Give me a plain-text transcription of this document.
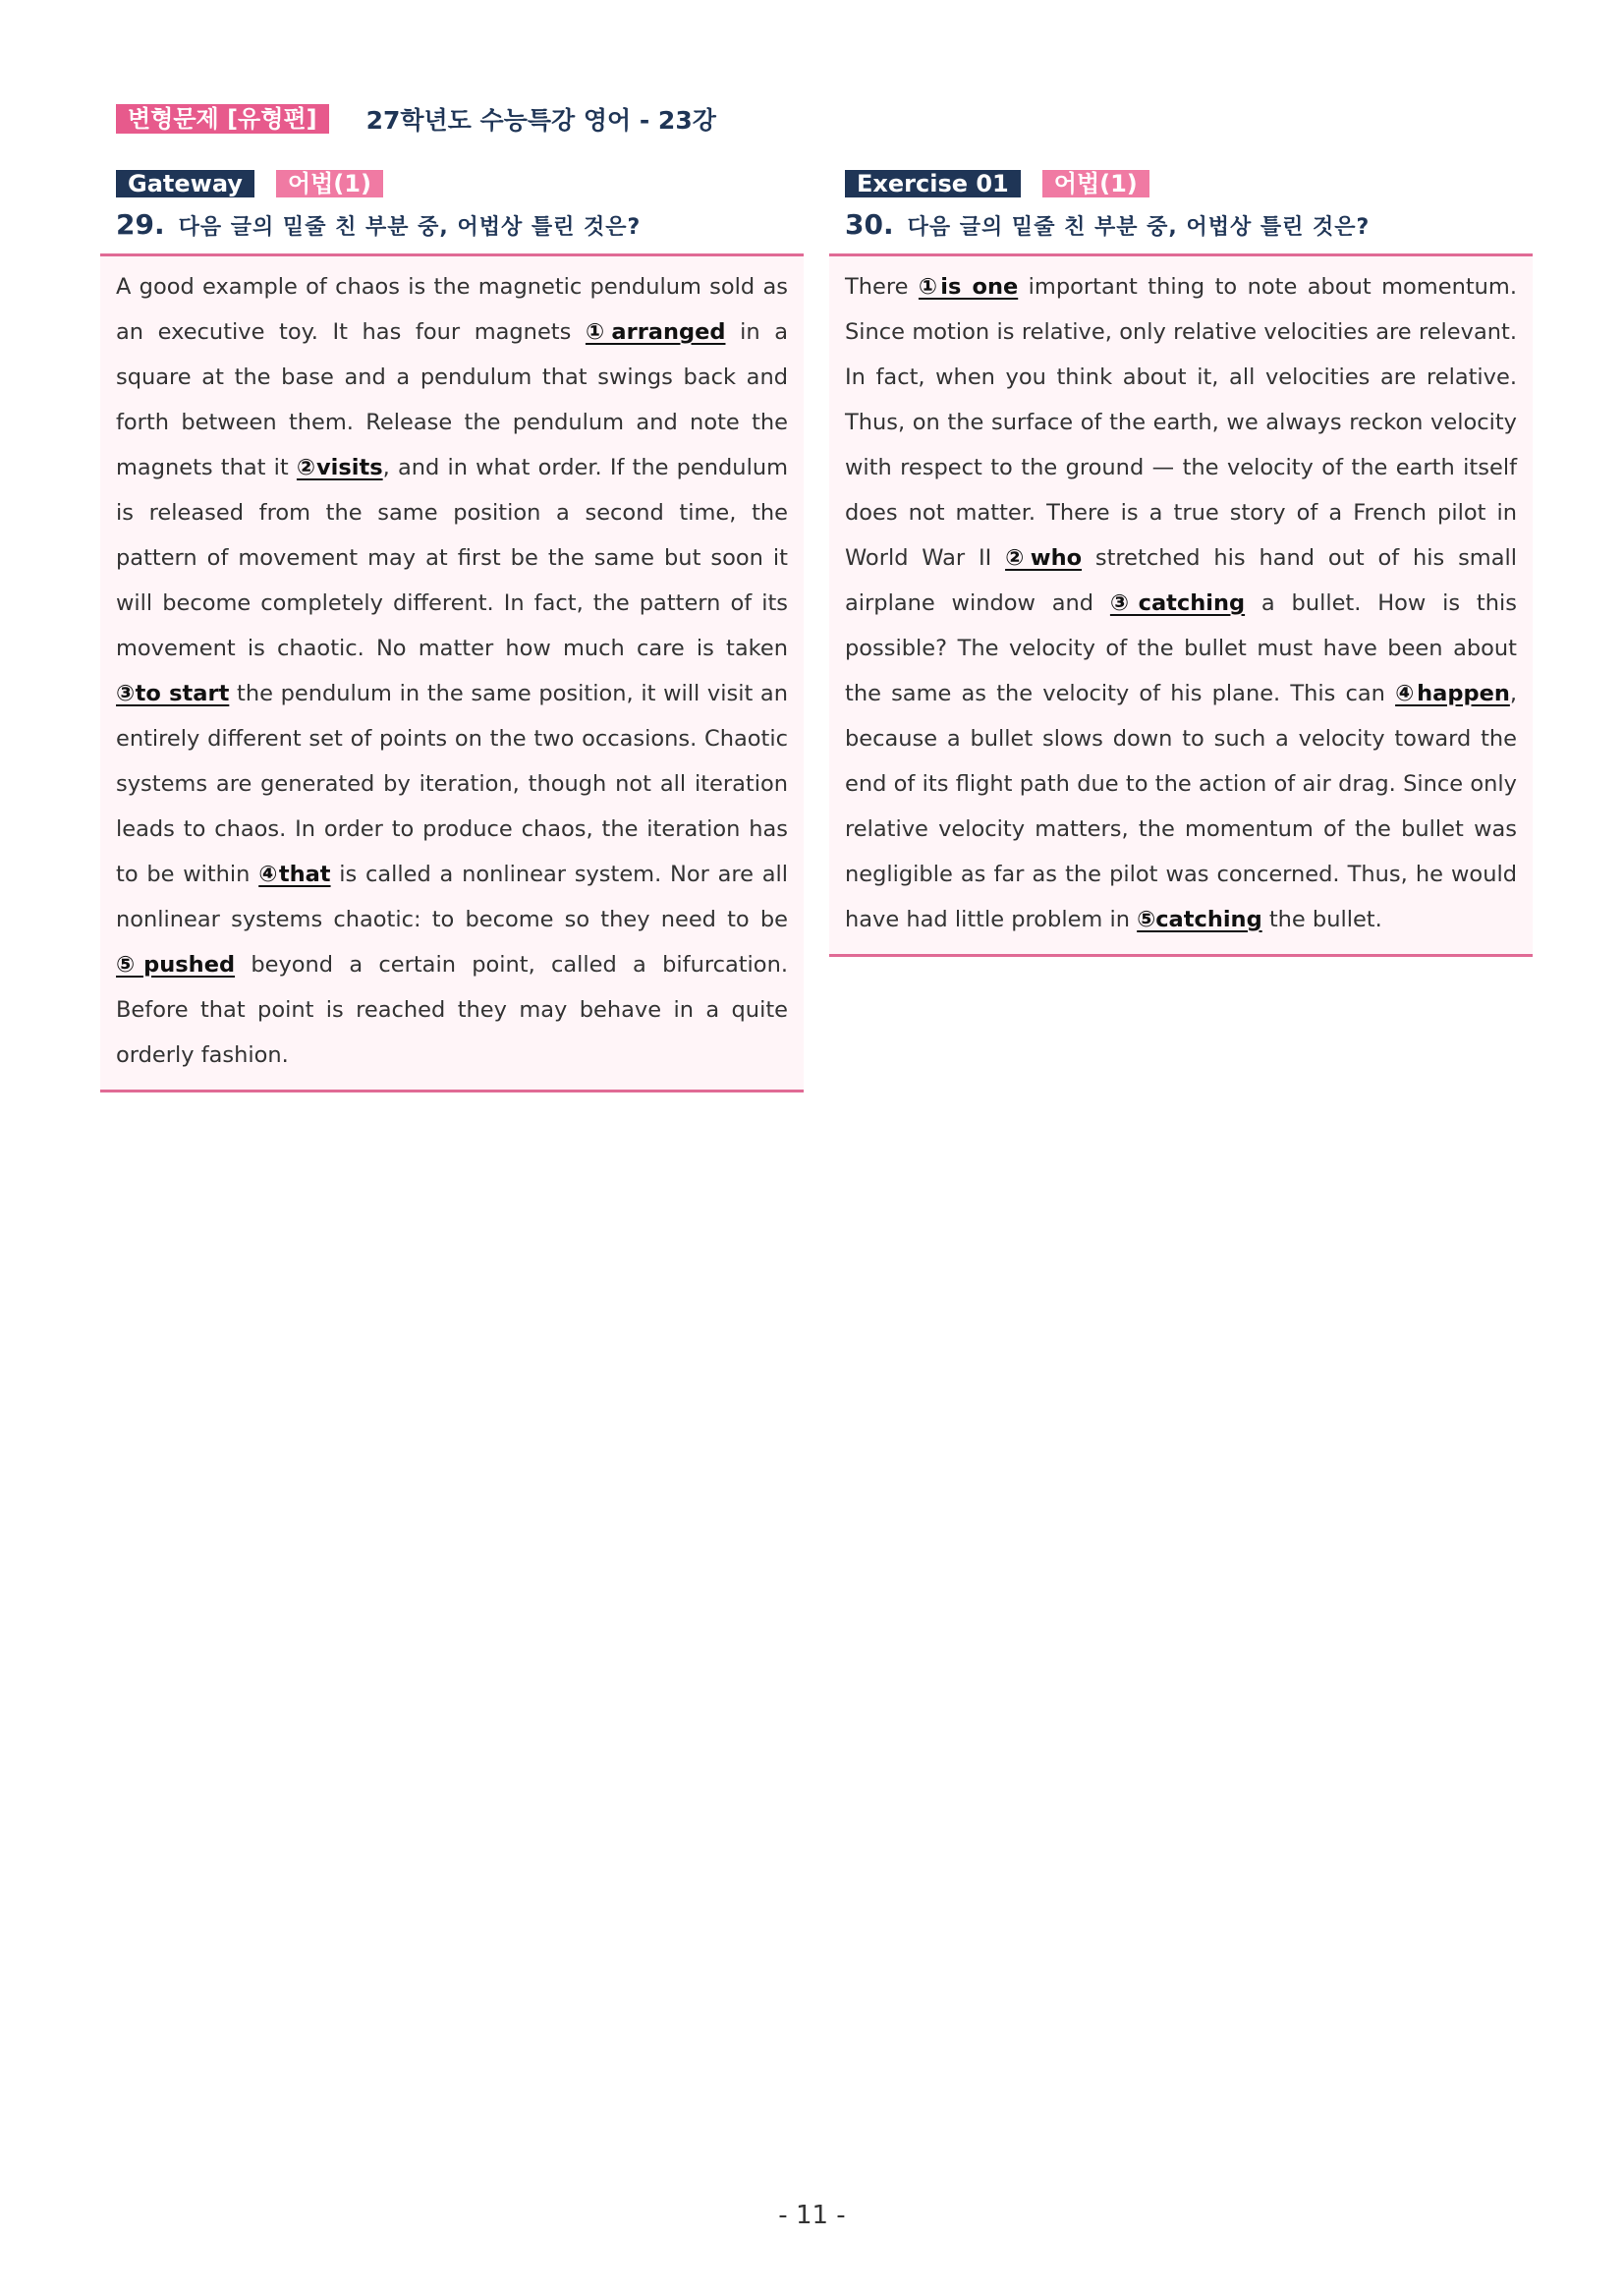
변형문제 [유형편]	27학년도 수능특강 영어 - 23강
Gateway	어법(1)
29. 다음 글의 밑줄 친 부분 중, 어법상 틀린 것은?

A good example of chaos is the magnetic pendulum sold as an executive toy. It has four magnets ①arranged in a square at the base and a pendulum that swings back and forth between them. Release the pendulum and note the magnets that it ②visits, and in what order. If the pendulum is released from the same position a second time, the pattern of movement may at first be the same but soon it will become completely different. In fact, the pattern of its movement is chaotic. No matter how much care is taken ③to start the pendulum in the same position, it will visit an entirely different set of points on the two occasions. Chaotic systems are generated by iteration, though not all iteration leads to chaos. In order to produce chaos, the iteration has to be within ④that is called a nonlinear system. Nor are all nonlinear systems chaotic: to become so they need to be ⑤pushed beyond a certain point, called a bifurcation. Before that point is reached they may behave in a quite orderly fashion.

Exercise 01	어법(1)
30. 다음 글의 밑줄 친 부분 중, 어법상 틀린 것은?

There ①is one important thing to note about momentum. Since motion is relative, only relative velocities are relevant. In fact, when you think about it, all velocities are relative. Thus, on the surface of the earth, we always reckon velocity with respect to the ground — the velocity of the earth itself does not matter. There is a true story of a French pilot in World War II ②who stretched his hand out of his small airplane window and ③catching a bullet. How is this possible? The velocity of the bullet must have been about the same as the velocity of his plane. This can ④happen, because a bullet slows down to such a velocity toward the end of its flight path due to the action of air drag. Since only relative velocity matters, the momentum of the bullet was negligible as far as the pilot was concerned. Thus, he would have had little problem in ⑤catching the bullet.

- 11 -
